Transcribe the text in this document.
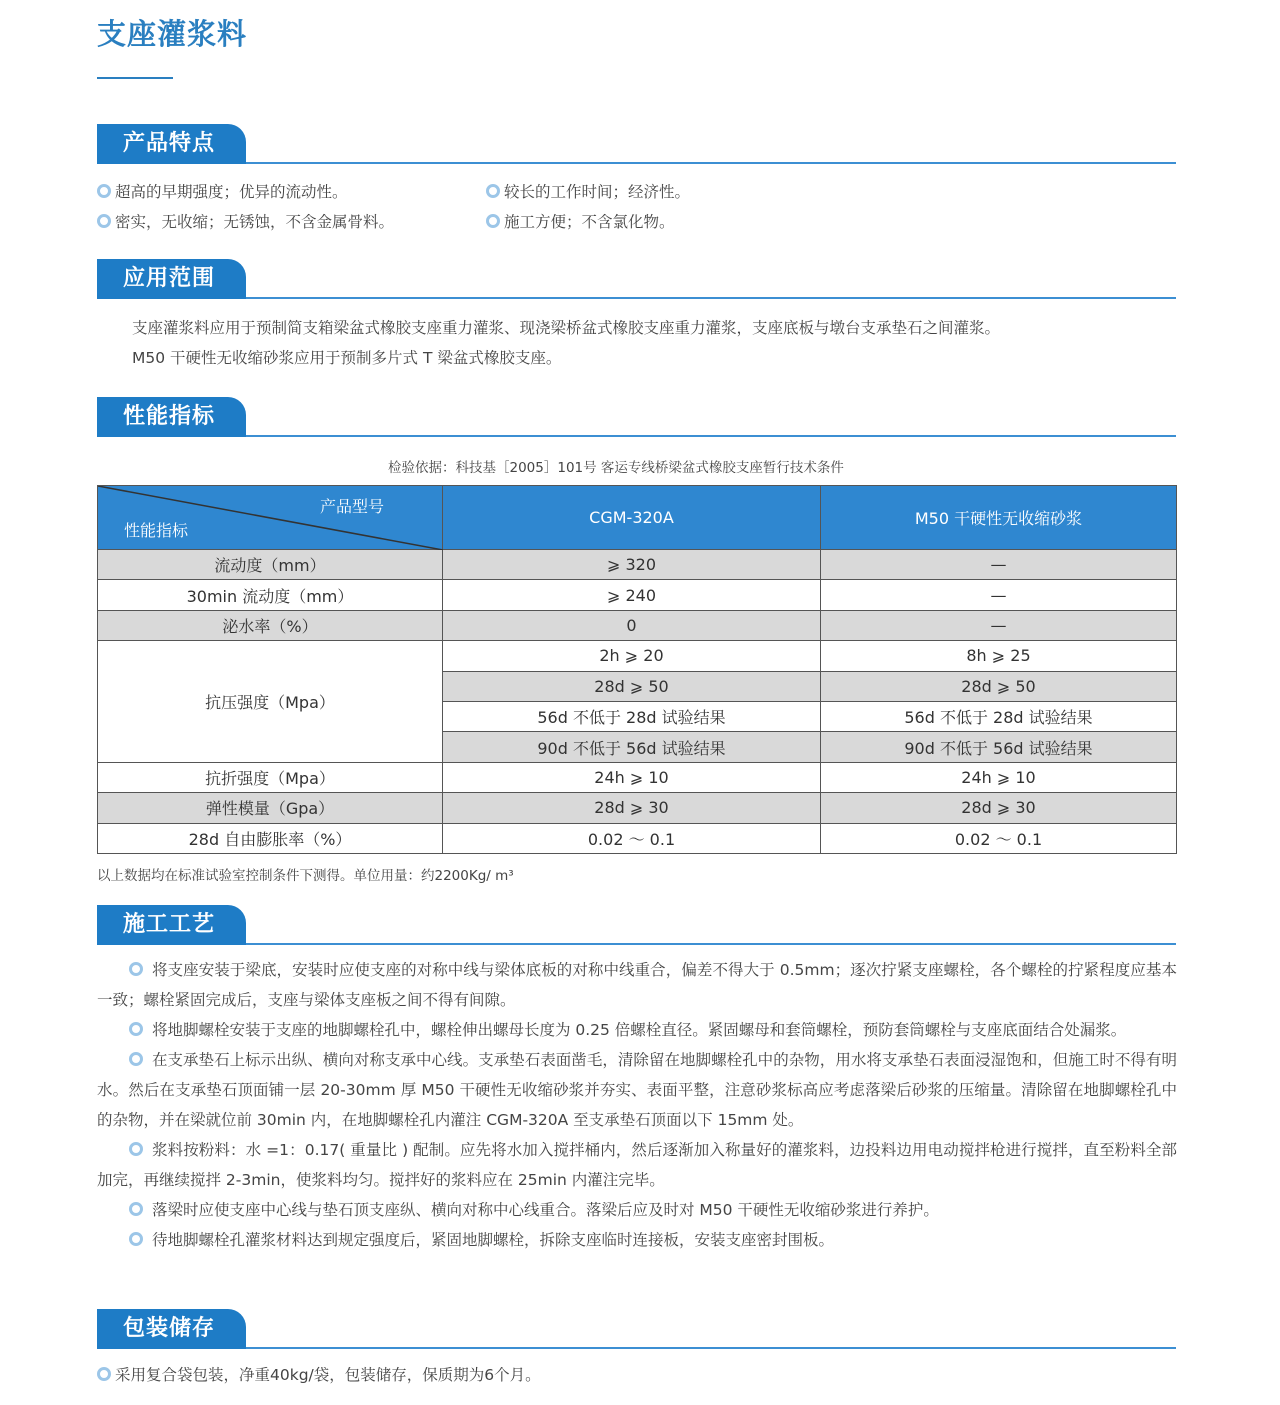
支座灌浆料
产品特点
超高的早期强度；优异的流动性。	较长的工作时间；经济性。
密实，无收缩；无锈蚀，不含金属骨料。	施工方便；不含氯化物。
应用范围
支座灌浆料应用于预制简支箱梁盆式橡胶支座重力灌浆、现浇梁桥盆式橡胶支座重力灌浆，支座底板与墩台支承垫石之间灌浆。
M50 干硬性无收缩砂浆应用于预制多片式 T 梁盆式橡胶支座。
性能指标
检验依据：科技基［2005］101号 客运专线桥梁盆式橡胶支座暂行技术条件
产品型号
性能指标	CGM-320A	M50 干硬性无收缩砂浆
流动度（mm）	⩾ 320	—
30min 流动度（mm）	⩾ 240	—
泌水率（%）	0	—
抗压强度（Mpa）	2h ⩾ 20	8h ⩾ 25
	28d ⩾ 50	28d ⩾ 50
	56d 不低于 28d 试验结果	56d 不低于 28d 试验结果
	90d 不低于 56d 试验结果	90d 不低于 56d 试验结果
抗折强度（Mpa）	24h ⩾ 10	24h ⩾ 10
弹性模量（Gpa）	28d ⩾ 30	28d ⩾ 30
28d 自由膨胀率（%）	0.02 ～ 0.1	0.02 ～ 0.1
以上数据均在标准试验室控制条件下测得。单位用量：约2200Kg/ m³
施工工艺

将支座安装于梁底，安装时应使支座的对称中线与梁体底板的对称中线重合，偏差不得大于 0.5mm；逐次拧紧支座螺栓，各个螺栓的拧紧程度应基本一致；螺栓紧固完成后，支座与梁体支座板之间不得有间隙。

将地脚螺栓安装于支座的地脚螺栓孔中，螺栓伸出螺母长度为 0.25 倍螺栓直径。紧固螺母和套筒螺栓，预防套筒螺栓与支座底面结合处漏浆。

在支承垫石上标示出纵、横向对称支承中心线。支承垫石表面凿毛，清除留在地脚螺栓孔中的杂物，用水将支承垫石表面浸湿饱和，但施工时不得有明水。然后在支承垫石顶面铺一层 20-30mm 厚 M50 干硬性无收缩砂浆并夯实、表面平整，注意砂浆标高应考虑落梁后砂浆的压缩量。清除留在地脚螺栓孔中的杂物，并在梁就位前 30min 内，在地脚螺栓孔内灌注 CGM-320A 至支承垫石顶面以下 15mm 处。

浆料按粉料：水 =1：0.17( 重量比 ) 配制。应先将水加入搅拌桶内，然后逐渐加入称量好的灌浆料，边投料边用电动搅拌枪进行搅拌，直至粉料全部加完，再继续搅拌 2-3min，使浆料均匀。搅拌好的浆料应在 25min 内灌注完毕。

落梁时应使支座中心线与垫石顶支座纵、横向对称中心线重合。落梁后应及时对 M50 干硬性无收缩砂浆进行养护。

待地脚螺栓孔灌浆材料达到规定强度后，紧固地脚螺栓，拆除支座临时连接板，安装支座密封围板。

包装储存
采用复合袋包装，净重40kg/袋，包装储存，保质期为6个月。
